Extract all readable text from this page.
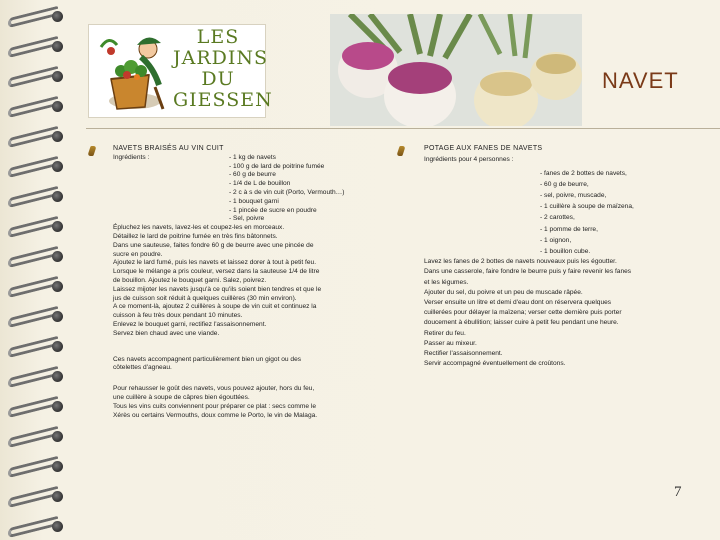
LES
JARDINS
DU
GIESSEN
NAVET

NAVETS BRAISÉS AU VIN CUIT

Ingrédients :	- 1 kg de navets
- 100 g de lard de poitrine fumée
- 60 g de beurre
- 1/4 de L de bouillon
- 2 c à s de vin cuit (Porto, Vermouth…)
- 1 bouquet garni
- 1 pincée de sucre en poudre
- Sel, poivre

Épluchez les navets, lavez-les et coupez-les en morceaux.

Détaillez le lard de poitrine fumée en très fins bâtonnets.

Dans une sauteuse, faites fondre 60 g de beurre avec une pincée de

sucre en poudre.

Ajoutez le lard fumé, puis les navets et laissez dorer à tout à petit feu.

Lorsque le mélange a pris couleur, versez dans la sauteuse 1/4 de litre

de bouillon. Ajoutez le bouquet garni. Salez, poivrez.

Laissez mijoter les navets jusqu'à ce qu'ils soient bien tendres et que le

jus de cuisson soit réduit à quelques cuillères (30 min environ).

A ce moment-là, ajoutez 2 cuillères à soupe de vin cuit et continuez la

cuisson à feu très doux pendant 10 minutes.

Enlevez le bouquet garni, rectifiez l'assaisonnement.

Servez bien chaud avec une viande.

Ces navets accompagnent particulièrement bien un gigot ou des

côtelettes d'agneau.

Pour rehausser le goût des navets, vous pouvez ajouter, hors du feu,

une cuillère à soupe de câpres bien égouttées.

Tous les vins cuits conviennent pour préparer ce plat : secs comme le

Xérès ou certains Vermouths, doux comme le Porto, le vin de Malaga.

POTAGE AUX FANES DE NAVETS

Ingrédients pour 4 personnes :

- fanes de 2 bottes de navets,
- 60 g de beurre,
- sel, poivre, muscade,
- 1 cuillère à soupe de maïzena,
- 2 carottes,
- 1 pomme de terre,
- 1 oignon,
- 1 bouillon cube.

Lavez les fanes de 2 bottes de navets nouveaux puis les égoutter.

Dans une casserole, faire fondre le beurre puis y faire revenir les fanes

et les légumes.

Ajouter du sel, du poivre et un peu de muscade râpée.

Verser ensuite un litre et demi d'eau dont on réservera quelques

cuillerées pour délayer la maïzena; verser cette dernière puis porter

doucement à ébullition; laisser cuire à petit feu pendant une heure.

Retirer du feu.

Passer au mixeur.

Rectifier l'assaisonnement.

Servir accompagné éventuellement de croûtons.

7
